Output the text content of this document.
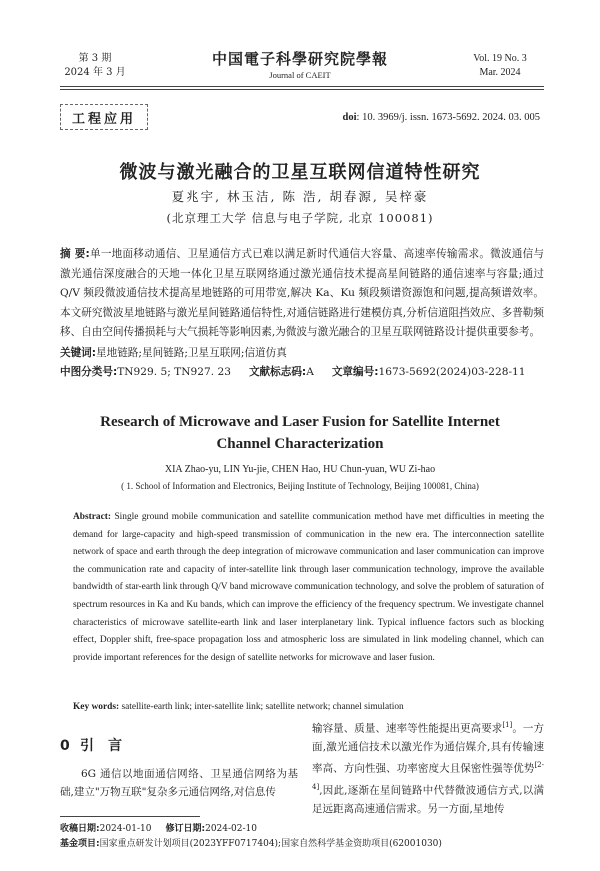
第 3 期
2024 年 3 月
中国電子科學研究院學報
Journal of CAEIT
Vol. 19 No. 3
Mar. 2024
工程应用	doi: 10. 3969/j. issn. 1673-5692. 2024. 03. 005
微波与激光融合的卫星互联网信道特性研究
夏兆宇, 林玉洁, 陈 浩, 胡春源, 吴梓豪
(北京理工大学 信息与电子学院, 北京 100081)
摘 要:单一地面移动通信、卫星通信方式已难以满足新时代通信大容量、高速率传输需求。微波通信与激光通信深度融合的天地一体化卫星互联网络通过激光通信技术提高星间链路的通信速率与容量;通过 Q/V 频段微波通信技术提高星地链路的可用带宽,解决 Ka、Ku 频段频谱资源饱和问题,提高频谱效率。本文研究微波星地链路与激光星间链路通信特性,对通信链路进行建模仿真,分析信道阻挡效应、多普勒频移、自由空间传播损耗与大气损耗等影响因素,为微波与激光融合的卫星互联网链路设计提供重要参考。
关键词:星地链路;星间链路;卫星互联网;信道仿真
中图分类号:TN929. 5; TN927. 23 文献标志码:A 文章编号:1673-5692(2024)03-228-11
Research of Microwave and Laser Fusion for Satellite Internet
Channel Characterization
XIA Zhao-yu, LIN Yu-jie, CHEN Hao, HU Chun-yuan, WU Zi-hao
( 1. School of Information and Electronics, Beijing Institute of Technology, Beijing 100081, China)
Abstract: Single ground mobile communication and satellite communication method have met difficulties in meeting the demand for large-capacity and high-speed transmission of communication in the new era. The interconnection satellite network of space and earth through the deep integration of microwave communication and laser communication can improve the communication rate and capacity of inter-satellite link through laser communication technology, improve the available bandwidth of star-earth link through Q/V band microwave communication technology, and solve the problem of saturation of spectrum resources in Ka and Ku bands, which can improve the efficiency of the frequency spectrum. We investigate channel characteristics of microwave satellite-earth link and laser interplanetary link. Typical influence factors such as blocking effect, Doppler shift, free-space propagation loss and atmospheric loss are simulated in link modeling channel, which can provide important references for the design of satellite networks for microwave and laser fusion.
Key words: satellite-earth link; inter-satellite link; satellite network; channel simulation
0 引言
6G 通信以地面通信网络、卫星通信网络为基础,建立"万物互联"复杂多元通信网络,对信息传
输容量、质量、速率等性能提出更高要求[1]。一方面,激光通信技术以激光作为通信媒介,具有传输速率高、方向性强、功率密度大且保密性强等优势[2-4],因此,逐渐在星间链路中代替微波通信方式,以满足远距离高速通信需求。另一方面,星地传
收稿日期:2024-01-10 修订日期:2024-02-10
基金项目:国家重点研发计划项目(2023YFF0717404);国家自然科学基金资助项目(62001030)
